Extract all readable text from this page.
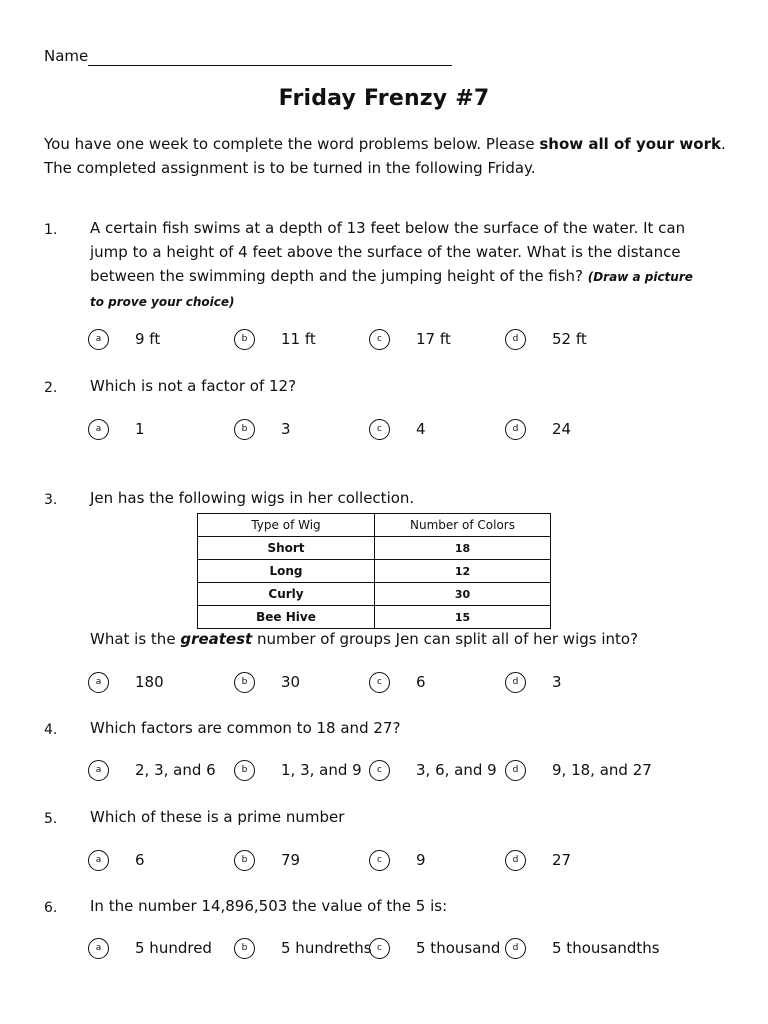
Name
Friday Frenzy #7
You have one week to complete the word problems below. Please show all of your work.
The completed assignment is to be turned in the following Friday.
1. A certain fish swims at a depth of 13 feet below the surface of the water. It can jump to a height of 4 feet above the surface of the water. What is the distance between the swimming depth and the jumping height of the fish? (Draw a picture to prove your choice)
a	9 ft	b	11 ft	c	17 ft	d	52 ft
2. Which is not a factor of 12?
a	1	b	3	c	4	d	24
3. Jen has the following wigs in her collection.
Type of Wig	Number of Colors
Short	18
Long	12
Curly	30
Bee Hive	15
What is the greatest number of groups Jen can split all of her wigs into?
a	180	b	30	c	6	d	3
4. Which factors are common to 18 and 27?
a	2, 3, and 6	b	1, 3, and 9	c	3, 6, and 9	d	9, 18, and 27
5. Which of these is a prime number
a	6	b	79	c	9	d	27
6. In the number 14,896,503 the value of the 5 is:
a	5 hundred	b	5 hundreths c	5 thousand	d	5 thousandths
